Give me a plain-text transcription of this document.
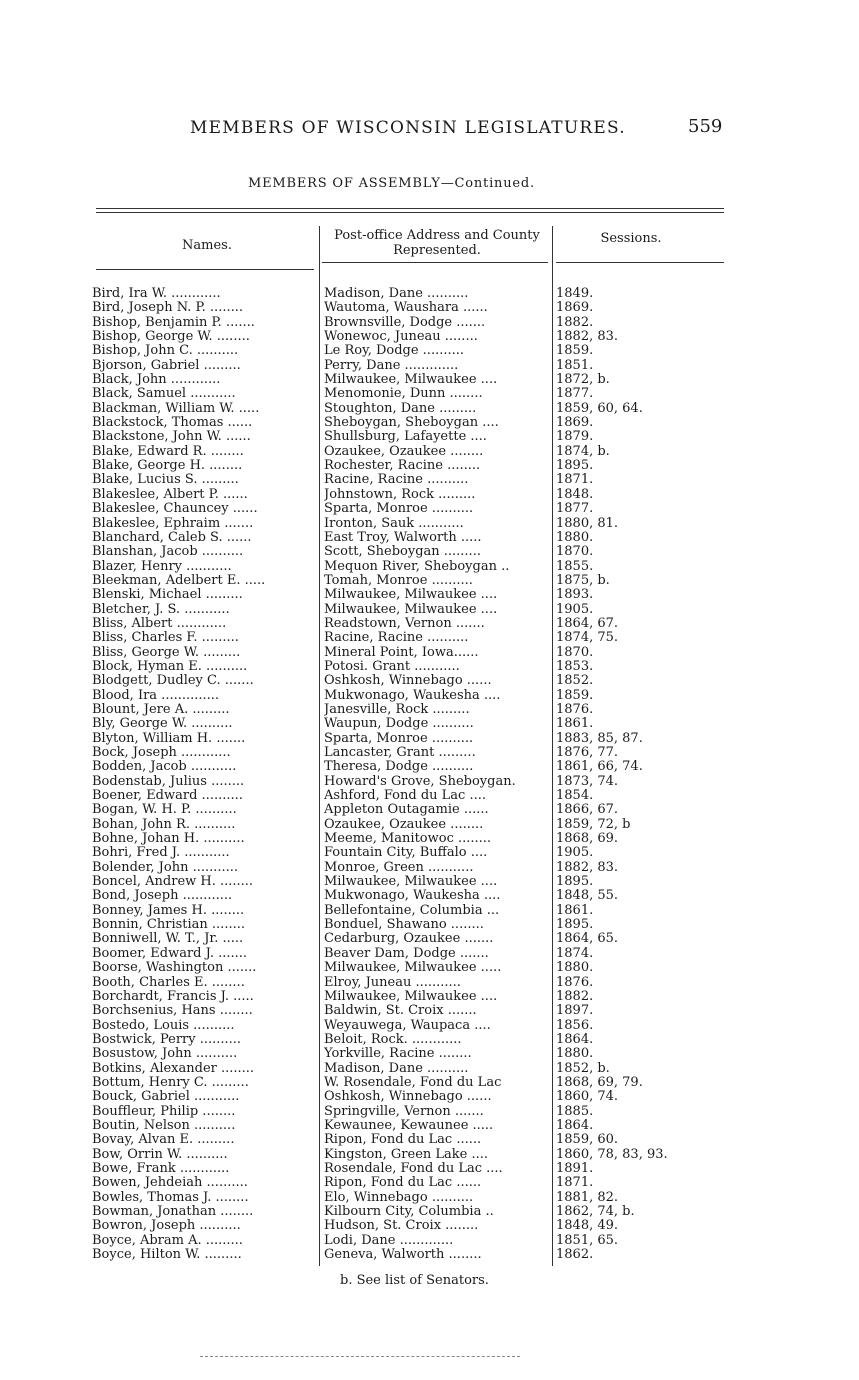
MEMBERS OF WISCONSIN LEGISLATURES.	559
MEMBERS OF ASSEMBLY—Continued.
Names.
Post-office Address and County Represented.
Sessions.
Bird, Ira W. ............	Madison, Dane ..........	1849.
Bird, Joseph N. P. ........	Wautoma, Waushara ......	1869.
Bishop, Benjamin P. .......	Brownsville, Dodge .......	1882.
Bishop, George W. ........	Wonewoc, Juneau ........	1882, 83.
Bishop, John C. ..........	Le Roy, Dodge ..........	1859.
Bjorson, Gabriel .........	Perry, Dane .............	1851.
Black, John ............	Milwaukee, Milwaukee ....	1872, b.
Black, Samuel ...........	Menomonie, Dunn ........	1877.
Blackman, William W. .....	Stoughton, Dane .........	1859, 60, 64.
Blackstock, Thomas ......	Sheboygan, Sheboygan ....	1869.
Blackstone, John W. ......	Shullsburg, Lafayette ....	1879.
Blake, Edward R. ........	Ozaukee, Ozaukee ........	1874, b.
Blake, George H. ........	Rochester, Racine ........	1895.
Blake, Lucius S. .........	Racine, Racine ..........	1871.
Blakeslee, Albert P. ......	Johnstown, Rock .........	1848.
Blakeslee, Chauncey ......	Sparta, Monroe ..........	1877.
Blakeslee, Ephraim .......	Ironton, Sauk ...........	1880, 81.
Blanchard, Caleb S. ......	East Troy, Walworth .....	1880.
Blanshan, Jacob ..........	Scott, Sheboygan .........	1870.
Blazer, Henry ...........	Mequon River, Sheboygan ..	1855.
Bleekman, Adelbert E. .....	Tomah, Monroe ..........	1875, b.
Blenski, Michael .........	Milwaukee, Milwaukee ....	1893.
Bletcher, J. S. ...........	Milwaukee, Milwaukee ....	1905.
Bliss, Albert ............	Readstown, Vernon .......	1864, 67.
Bliss, Charles F. .........	Racine, Racine ..........	1874, 75.
Bliss, George W. .........	Mineral Point, Iowa......	1870.
Block, Hyman E. ..........	Potosi. Grant ...........	1853.
Blodgett, Dudley C. .......	Oshkosh, Winnebago ......	1852.
Blood, Ira ..............	Mukwonago, Waukesha ....	1859.
Blount, Jere A. .........	Janesville, Rock .........	1876.
Bly, George W. ..........	Waupun, Dodge ..........	1861.
Blyton, William H. .......	Sparta, Monroe ..........	1883, 85, 87.
Bock, Joseph ............	Lancaster, Grant .........	1876, 77.
Bodden, Jacob ...........	Theresa, Dodge ..........	1861, 66, 74.
Bodenstab, Julius ........	Howard's Grove, Sheboygan.	1873, 74.
Boener, Edward ..........	Ashford, Fond du Lac ....	1854.
Bogan, W. H. P. ..........	Appleton Outagamie ......	1866, 67.
Bohan, John R. ..........	Ozaukee, Ozaukee ........	1859, 72, b
Bohne, Johan H. ..........	Meeme, Manitowoc ........	1868, 69.
Bohri, Fred J. ...........	Fountain City, Buffalo ....	1905.
Bolender, John ...........	Monroe, Green ...........	1882, 83.
Boncel, Andrew H. ........	Milwaukee, Milwaukee ....	1895.
Bond, Joseph ............	Mukwonago, Waukesha ....	1848, 55.
Bonney, James H. ........	Bellefontaine, Columbia ...	1861.
Bonnin, Christian ........	Bonduel, Shawano ........	1895.
Bonniwell, W. T., Jr. .....	Cedarburg, Ozaukee .......	1864, 65.
Boomer, Edward J. .......	Beaver Dam, Dodge .......	1874.
Boorse, Washington .......	Milwaukee, Milwaukee .....	1880.
Booth, Charles E. ........	Elroy, Juneau ...........	1876.
Borchardt, Francis J. .....	Milwaukee, Milwaukee ....	1882.
Borchsenius, Hans ........	Baldwin, St. Croix .......	1897.
Bostedo, Louis ..........	Weyauwega, Waupaca ....	1856.
Bostwick, Perry ..........	Beloit, Rock. ............	1864.
Bosustow, John ..........	Yorkville, Racine ........	1880.
Botkins, Alexander ........	Madison, Dane ..........	1852, b.
Bottum, Henry C. .........	W. Rosendale, Fond du Lac	1868, 69, 79.
Bouck, Gabriel ...........	Oshkosh, Winnebago ......	1860, 74.
Bouffleur, Philip ........	Springville, Vernon .......	1885.
Boutin, Nelson ..........	Kewaunee, Kewaunee .....	1864.
Bovay, Alvan E. .........	Ripon, Fond du Lac ......	1859, 60.
Bow, Orrin W. ..........	Kingston, Green Lake ....	1860, 78, 83, 93.
Bowe, Frank ............	Rosendale, Fond du Lac ....	1891.
Bowen, Jehdeiah ..........	Ripon, Fond du Lac ......	1871.
Bowles, Thomas J. ........	Elo, Winnebago ..........	1881, 82.
Bowman, Jonathan ........	Kilbourn City, Columbia ..	1862, 74, b.
Bowron, Joseph ..........	Hudson, St. Croix ........	1848, 49.
Boyce, Abram A. .........	Lodi, Dane .............	1851, 65.
Boyce, Hilton W. .........	Geneva, Walworth ........	1862.
b. See list of Senators.
